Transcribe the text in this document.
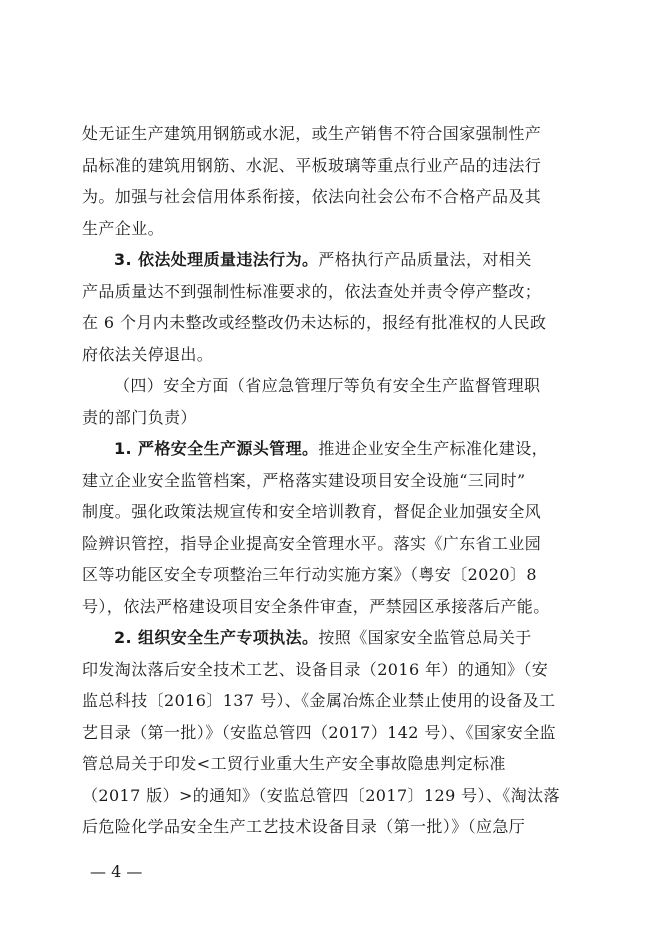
处无证生产建筑用钢筋或水泥，或生产销售不符合国家强制性产
品标准的建筑用钢筋、水泥、平板玻璃等重点行业产品的违法行
为。加强与社会信用体系衔接，依法向社会公布不合格产品及其
生产企业。
3. 依法处理质量违法行为。严格执行产品质量法，对相关
产品质量达不到强制性标准要求的，依法查处并责令停产整改；
在 6 个月内未整改或经整改仍未达标的，报经有批准权的人民政
府依法关停退出。
（四）安全方面（省应急管理厅等负有安全生产监督管理职
责的部门负责）
1. 严格安全生产源头管理。推进企业安全生产标准化建设，
建立企业安全监管档案，严格落实建设项目安全设施“三同时”
制度。强化政策法规宣传和安全培训教育，督促企业加强安全风
险辨识管控，指导企业提高安全管理水平。落实《广东省工业园
区等功能区安全专项整治三年行动实施方案》（粤安〔2020〕8
号），依法严格建设项目安全条件审查，严禁园区承接落后产能。
2. 组织安全生产专项执法。按照《国家安全监管总局关于
印发淘汰落后安全技术工艺、设备目录（2016 年）的通知》（安
监总科技〔2016〕137 号）、《金属冶炼企业禁止使用的设备及工
艺目录（第一批）》（安监总管四（2017）142 号）、《国家安全监
管总局关于印发<工贸行业重大生产安全事故隐患判定标准
（2017 版）>的通知》（安监总管四〔2017〕129 号）、《淘汰落
后危险化学品安全生产工艺技术设备目录（第一批）》（应急厅
— 4 —
